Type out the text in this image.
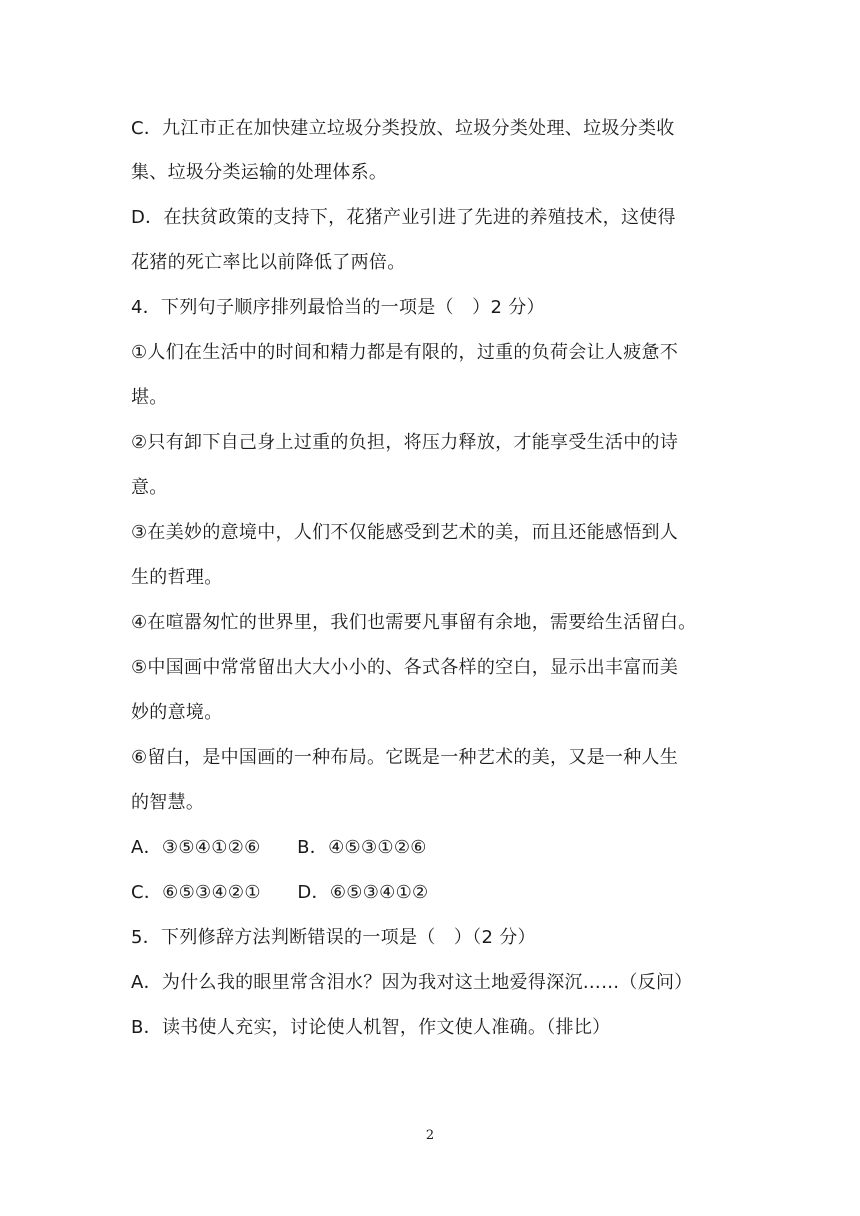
C．九江市正在加快建立垃圾分类投放、垃圾分类处理、垃圾分类收
集、垃圾分类运输的处理体系。
D．在扶贫政策的支持下，花猪产业引进了先进的养殖技术，这使得
花猪的死亡率比以前降低了两倍。
4．下列句子顺序排列最恰当的一项是（　）2 分）
①人们在生活中的时间和精力都是有限的，过重的负荷会让人疲惫不
堪。
②只有卸下自己身上过重的负担，将压力释放，才能享受生活中的诗
意。
③在美妙的意境中，人们不仅能感受到艺术的美，而且还能感悟到人
生的哲理。
④在喧嚣匆忙的世界里，我们也需要凡事留有余地，需要给生活留白。
⑤中国画中常常留出大大小小的、各式各样的空白，显示出丰富而美
妙的意境。
⑥留白，是中国画的一种布局。它既是一种艺术的美，又是一种人生
的智慧。
A．③⑤④①②⑥　　B．④⑤③①②⑥
C．⑥⑤③④②①　　D．⑥⑤③④①②
5．下列修辞方法判断错误的一项是（　）（2 分）
A．为什么我的眼里常含泪水？因为我对这土地爱得深沉……（反问）
B．读书使人充实，讨论使人机智，作文使人准确。（排比）
2
